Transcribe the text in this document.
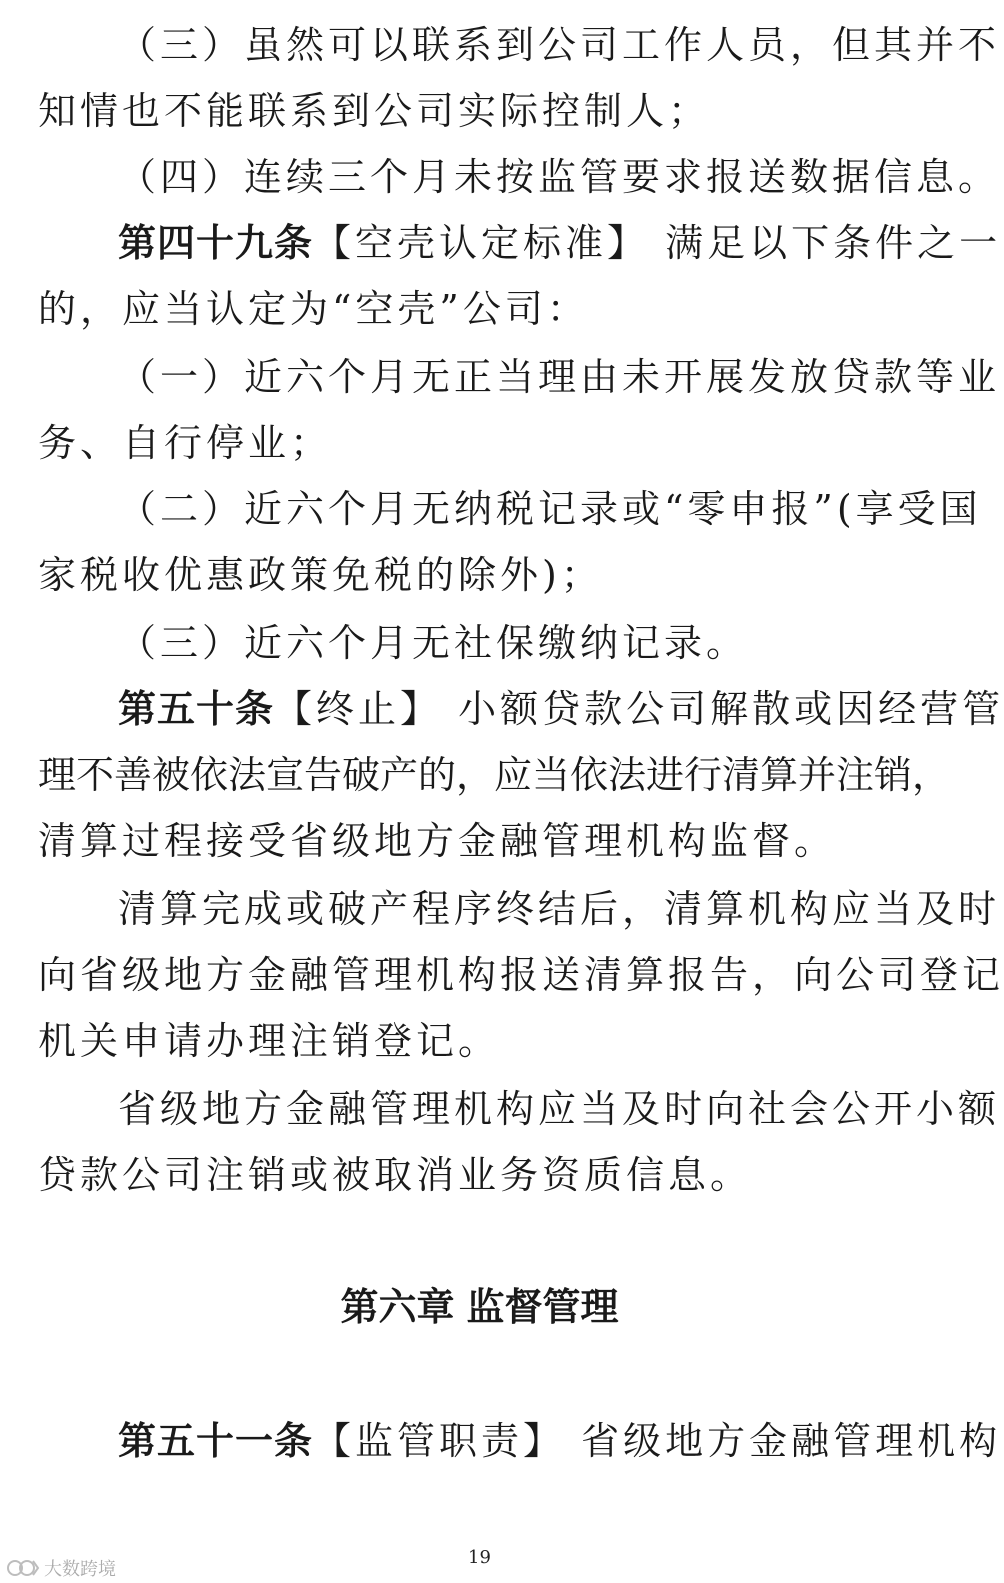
（三）虽然可以联系到公司工作人员，但其并不
知情也不能联系到公司实际控制人；
（四）连续三个月未按监管要求报送数据信息。
第四十九条【空壳认定标准】 满足以下条件之一
的，应当认定为“空壳”公司：
（一）近六个月无正当理由未开展发放贷款等业
务、自行停业；
（二）近六个月无纳税记录或“零申报”(享受国
家税收优惠政策免税的除外)；
（三）近六个月无社保缴纳记录。
第五十条【终止】 小额贷款公司解散或因经营管
理不善被依法宣告破产的，应当依法进行清算并注销，
清算过程接受省级地方金融管理机构监督。
清算完成或破产程序终结后，清算机构应当及时
向省级地方金融管理机构报送清算报告，向公司登记
机关申请办理注销登记。
省级地方金融管理机构应当及时向社会公开小额
贷款公司注销或被取消业务资质信息。
第六章 监督管理
第五十一条【监管职责】 省级地方金融管理机构
19
大数跨境
